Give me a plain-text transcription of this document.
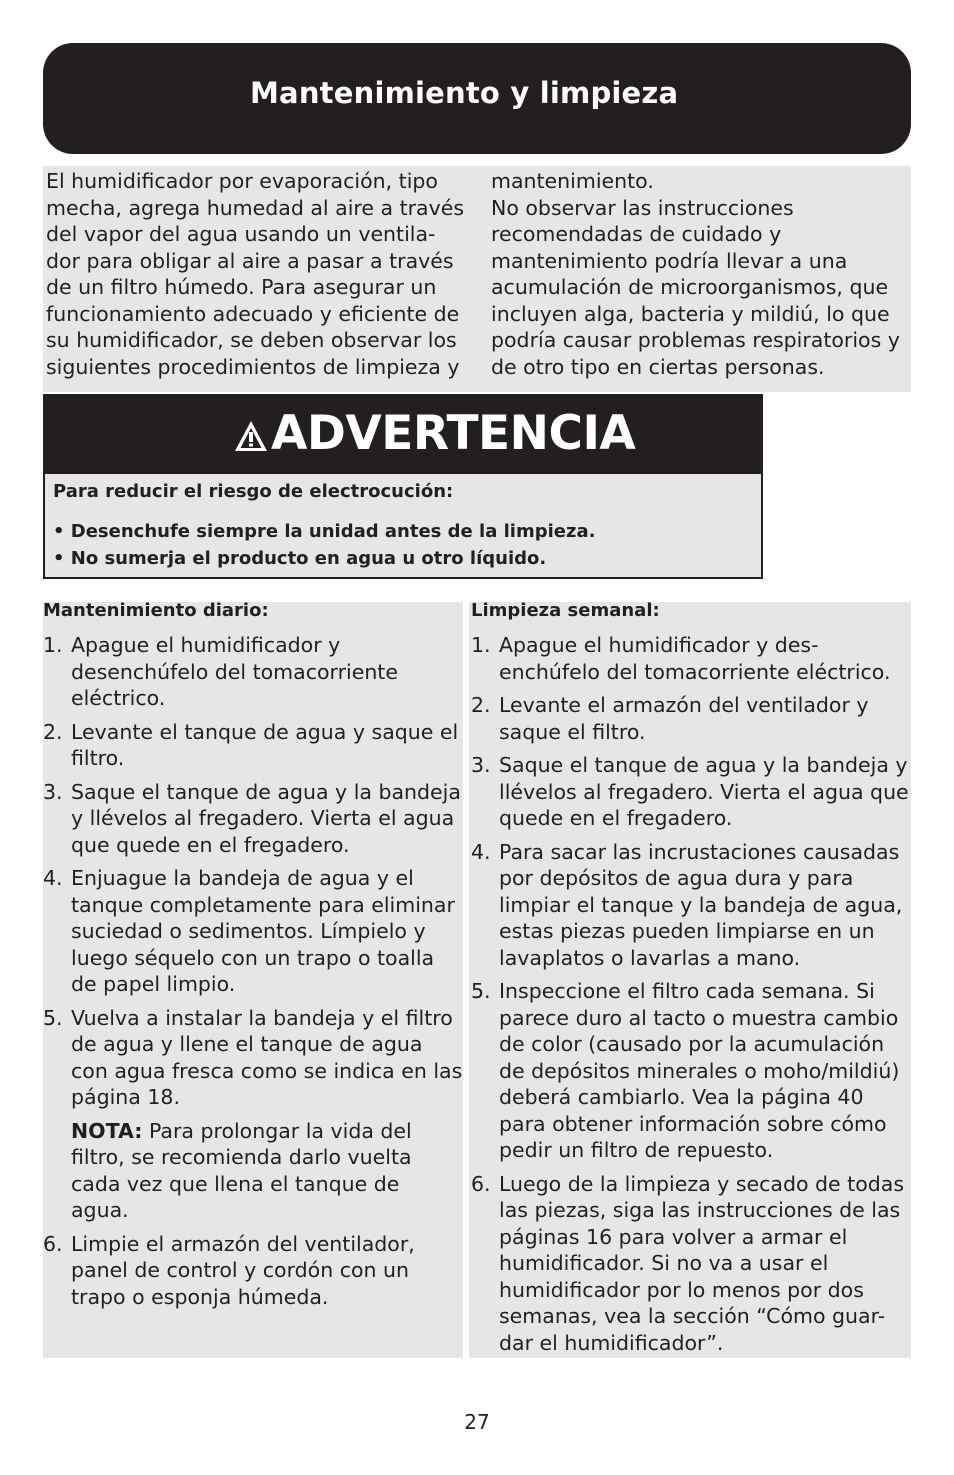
Mantenimiento y limpieza

El humidificador por evaporación, tipo
mecha, agrega humedad al aire a través
del vapor del agua usando un ventila-
dor para obligar al aire a pasar a través
de un filtro húmedo. Para asegurar un
funcionamiento adecuado y eficiente de
su humidificador, se deben observar los
siguientes procedimientos de limpieza y

mantenimiento.
No observar las instrucciones
recomendadas de cuidado y
mantenimiento podría llevar a una
acumulación de microorganismos, que
incluyen alga, bacteria y mildiú, lo que
podría causar problemas respiratorios y
de otro tipo en ciertas personas.

ADVERTENCIA

Para reducir el riesgo de electrocución:

• Desenchufe siempre la unidad antes de la limpieza.
• No sumerja el producto en agua u otro líquido.
Mantenimiento diario:
1. Apague el humidificador y desenchúfelo del tomacorriente eléctrico.
2. Levante el tanque de agua y saque el filtro.
3. Saque el tanque de agua y la bandeja y llévelos al fregadero. Vierta el agua que quede en el fregadero.
4. Enjuague la bandeja de agua y el tanque completamente para eliminar suciedad o sedimentos. Límpielo y luego séquelo con un trapo o toalla de papel limpio.
5. Vuelva a instalar la bandeja y el filtro de agua y llene el tanque de agua con agua fresca como se indica en las página 18.

NOTA: Para prolongar la vida del filtro, se recomienda darlo vuelta cada vez que llena el tanque de agua.

6. Limpie el armazón del ventilador, panel de control y cordón con un trapo o esponja húmeda.
Limpieza semanal:
1. Apague el humidificador y des-enchúfelo del tomacorriente eléctrico.
2. Levante el armazón del ventilador y saque el filtro.
3. Saque el tanque de agua y la bandeja y llévelos al fregadero. Vierta el agua que quede en el fregadero.
4. Para sacar las incrustaciones causadas por depósitos de agua dura y para limpiar el tanque y la bandeja de agua, estas piezas pueden limpiarse en un lavaplatos o lavarlas a mano.
5. Inspeccione el filtro cada semana. Si parece duro al tacto o muestra cambio de color (causado por la acumulación de depósitos minerales o moho/mildiú) deberá cambiarlo. Vea la página 40 para obtener información sobre cómo pedir un filtro de repuesto.
6. Luego de la limpieza y secado de todas las piezas, siga las instrucciones de las páginas 16 para volver a armar el humidificador. Si no va a usar el humidificador por lo menos por dos semanas, vea la sección “Cómo guar-dar el humidificador”.
27
